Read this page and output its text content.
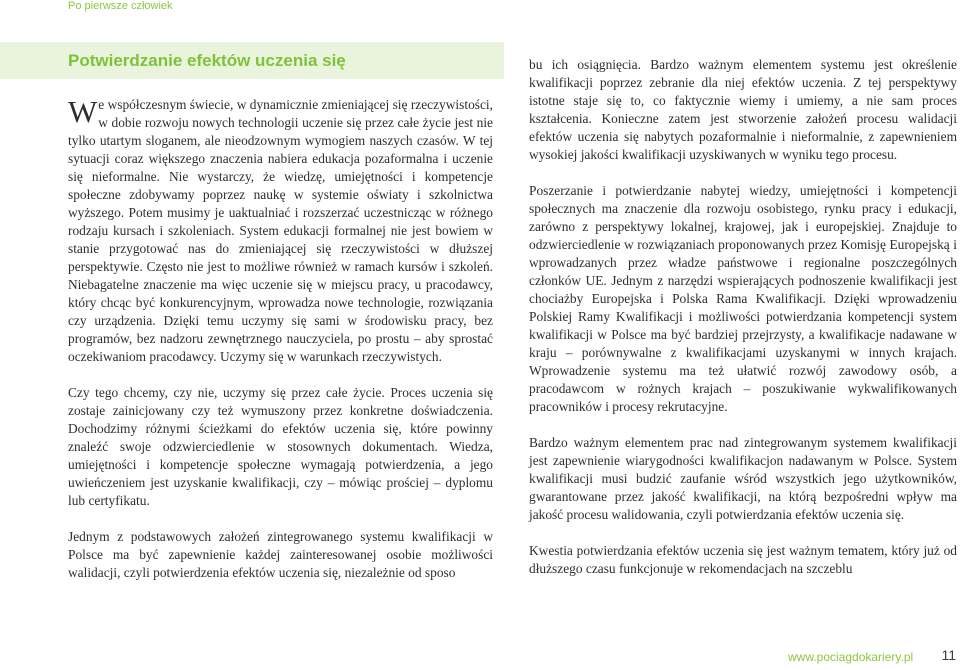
Po pierwsze człowiek
Potwierdzanie efektów uczenia się

We współczesnym świecie, w dynamicznie zmieniającej się rzeczywistości, w dobie rozwoju nowych technologii uczenie się przez całe życie jest nie tylko utartym sloganem, ale nieodzownym wymogiem naszych czasów. W tej sytuacji coraz większego znaczenia nabiera edukacja pozaformalna i uczenie się nieformalne. Nie wystarczy, że wiedzę, umiejętności i kompetencje społeczne zdobywamy poprzez naukę w systemie oświaty i szkolnictwa wyższego. Potem musimy je uaktualniać i rozszerzać uczestnicząc w różnego rodzaju kursach i szkoleniach. System edukacji formalnej nie jest bowiem w stanie przygotować nas do zmieniającej się rzeczywistości w dłuższej perspektywie. Często nie jest to możliwe również w ramach kursów i szkoleń. Niebagatelne znaczenie ma więc uczenie się w miejscu pracy, u pracodawcy, który chcąc być konkurencyjnym, wprowadza nowe technologie, rozwiązania czy urządzenia. Dzięki temu uczymy się sami w środowisku pracy, bez programów, bez nadzoru zewnętrznego nauczyciela, po prostu – aby sprostać oczekiwaniom pracodawcy. Uczymy się w warunkach rzeczywistych.

Czy tego chcemy, czy nie, uczymy się przez całe życie. Proces uczenia się zostaje zainicjowany czy też wymuszony przez konkretne doświadczenia. Dochodzimy różnymi ścieżkami do efektów uczenia się, które powinny znaleźć swoje odzwierciedlenie w stosownych dokumentach. Wiedza, umiejętności i kompetencje społeczne wymagają potwierdzenia, a jego uwieńczeniem jest uzyskanie kwalifikacji, czy – mówiąc prościej – dyplomu lub certyfikatu.

Jednym z podstawowych założeń zintegrowanego systemu kwalifikacji w Polsce ma być zapewnienie każdej zainteresowanej osobie możliwości walidacji, czyli potwierdzenia efektów uczenia się, niezależnie od sposo

bu ich osiągnięcia. Bardzo ważnym elementem systemu jest określenie kwalifikacji poprzez zebranie dla niej efektów uczenia. Z tej perspektywy istotne staje się to, co faktycznie wiemy i umiemy, a nie sam proces kształcenia. Konieczne zatem jest stworzenie założeń procesu walidacji efektów uczenia się nabytych pozaformalnie i nieformalnie, z zapewnieniem wysokiej jakości kwalifikacji uzyskiwanych w wyniku tego procesu.

Poszerzanie i potwierdzanie nabytej wiedzy, umiejętności i kompetencji społecznych ma znaczenie dla rozwoju osobistego, rynku pracy i edukacji, zarówno z perspektywy lokalnej, krajowej, jak i europejskiej. Znajduje to odzwierciedlenie w rozwiązaniach proponowanych przez Komisję Europejską i wprowadzanych przez władze państwowe i regionalne poszczególnych członków UE. Jednym z narzędzi wspierających podnoszenie kwalifikacji jest chociażby Europejska i Polska Rama Kwalifikacji. Dzięki wprowadzeniu Polskiej Ramy Kwalifikacji i możliwości potwierdzania kompetencji system kwalifikacji w Polsce ma być bardziej przejrzysty, a kwalifikacje nadawane w kraju – porównywalne z kwalifikacjami uzyskanymi w innych krajach. Wprowadzenie systemu ma też ułatwić rozwój zawodowy osób, a pracodawcom w rożnych krajach – poszukiwanie wykwalifikowanych pracowników i procesy rekrutacyjne.

Bardzo ważnym elementem prac nad zintegrowanym systemem kwalifikacji jest zapewnienie wiarygodności kwalifikacjon nadawanym w Polsce. System kwalifikacji musi budzić zaufanie wśród wszystkich jego użytkowników, gwarantowane przez jakość kwalifikacji, na którą bezpośredni wpływ ma jakość procesu walidowania, czyli potwierdzania efektów uczenia się.

Kwestia potwierdzania efektów uczenia się jest ważnym tematem, który już od dłuższego czasu funkcjonuje w rekomendacjach na szczeblu

www.pociagdokariery.pl	11
